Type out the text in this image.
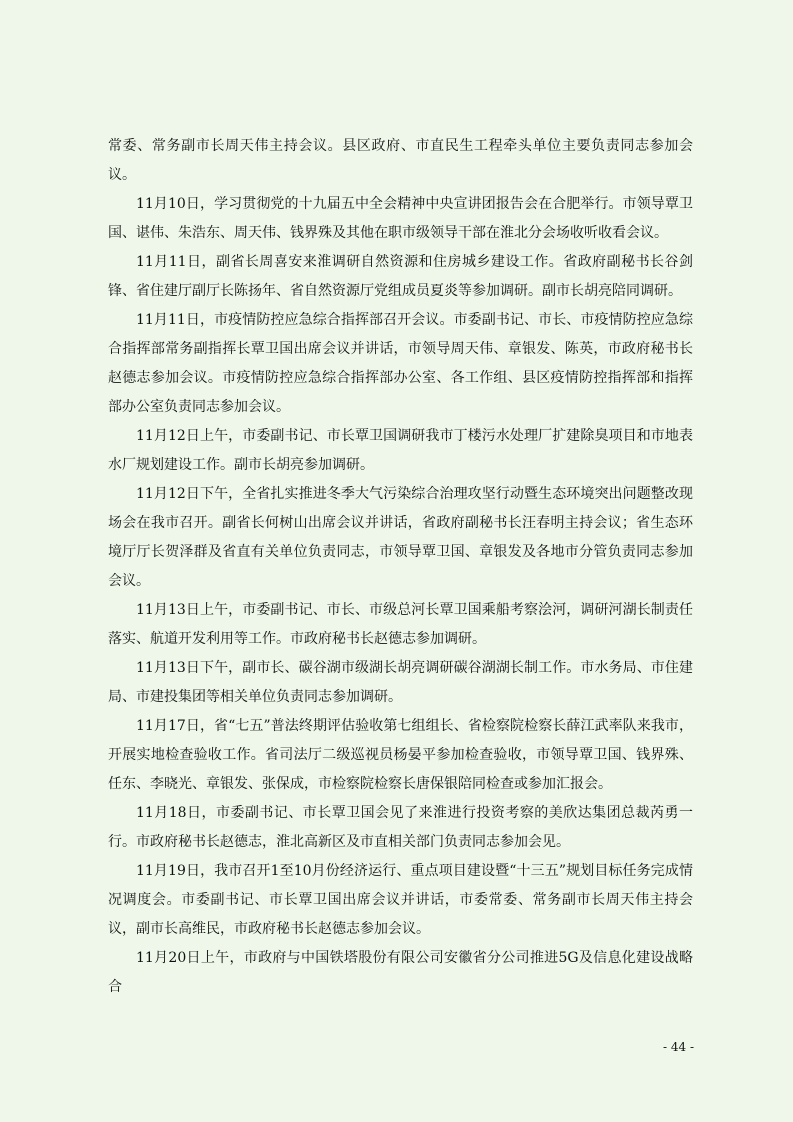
常委、常务副市长周天伟主持会议。县区政府、市直民生工程牵头单位主要负责同志参加会议。

11月10日，学习贯彻党的十九届五中全会精神中央宣讲团报告会在合肥举行。市领导覃卫国、谌伟、朱浩东、周天伟、钱界殊及其他在职市级领导干部在淮北分会场收听收看会议。

11月11日，副省长周喜安来淮调研自然资源和住房城乡建设工作。省政府副秘书长谷剑锋、省住建厅副厅长陈扬年、省自然资源厅党组成员夏炎等参加调研。副市长胡亮陪同调研。

11月11日，市疫情防控应急综合指挥部召开会议。市委副书记、市长、市疫情防控应急综合指挥部常务副指挥长覃卫国出席会议并讲话，市领导周天伟、章银发、陈英，市政府秘书长赵德志参加会议。市疫情防控应急综合指挥部办公室、各工作组、县区疫情防控指挥部和指挥部办公室负责同志参加会议。

11月12日上午，市委副书记、市长覃卫国调研我市丁楼污水处理厂扩建除臭项目和市地表水厂规划建设工作。副市长胡亮参加调研。

11月12日下午，全省扎实推进冬季大气污染综合治理攻坚行动暨生态环境突出问题整改现场会在我市召开。副省长何树山出席会议并讲话，省政府副秘书长汪春明主持会议；省生态环境厅厅长贺泽群及省直有关单位负责同志，市领导覃卫国、章银发及各地市分管负责同志参加会议。

11月13日上午，市委副书记、市长、市级总河长覃卫国乘船考察浍河，调研河湖长制责任落实、航道开发利用等工作。市政府秘书长赵德志参加调研。

11月13日下午，副市长、碳谷湖市级湖长胡亮调研碳谷湖湖长制工作。市水务局、市住建局、市建投集团等相关单位负责同志参加调研。

11月17日，省“七五”普法终期评估验收第七组组长、省检察院检察长薛江武率队来我市，开展实地检查验收工作。省司法厅二级巡视员杨晏平参加检查验收，市领导覃卫国、钱界殊、任东、李晓光、章银发、张保成，市检察院检察长唐保银陪同检查或参加汇报会。

11月18日，市委副书记、市长覃卫国会见了来淮进行投资考察的美欣达集团总裁芮勇一行。市政府秘书长赵德志，淮北高新区及市直相关部门负责同志参加会见。

11月19日，我市召开1至10月份经济运行、重点项目建设暨“十三五”规划目标任务完成情况调度会。市委副书记、市长覃卫国出席会议并讲话，市委常委、常务副市长周天伟主持会议，副市长高维民，市政府秘书长赵德志参加会议。

11月20日上午，市政府与中国铁塔股份有限公司安徽省分公司推进5G及信息化建设战略合

- 44 -
